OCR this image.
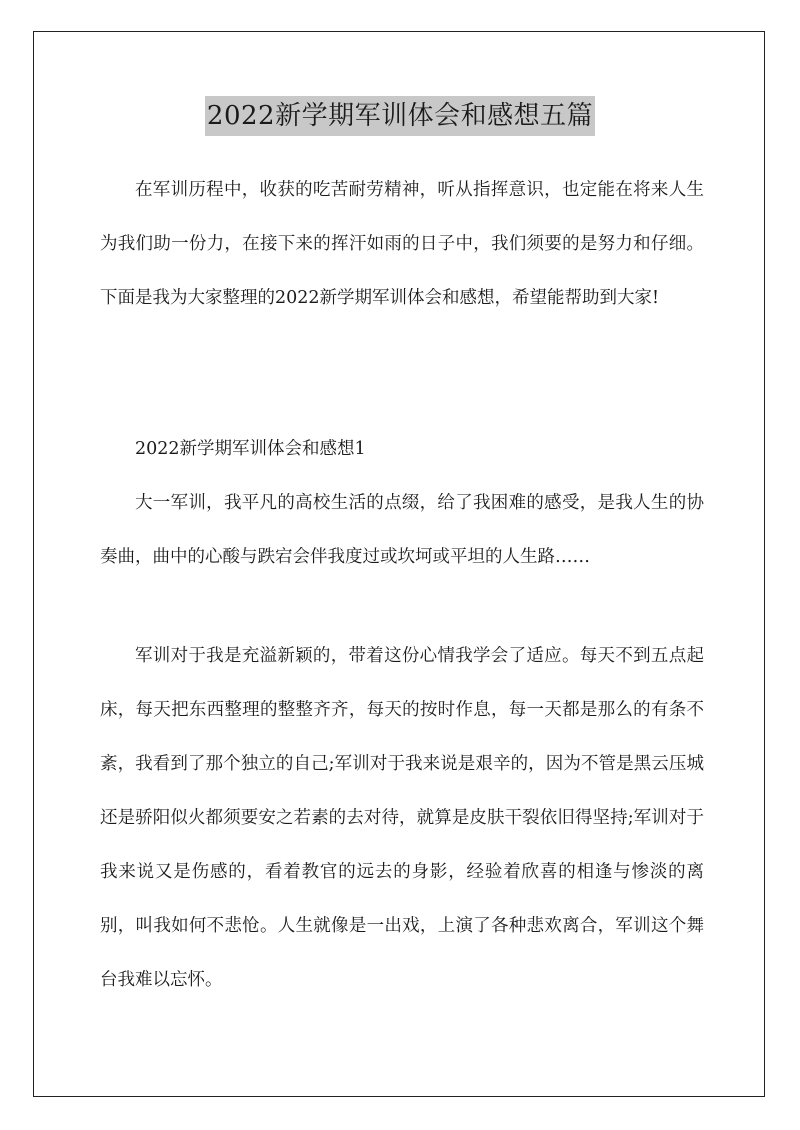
2022新学期军训体会和感想五篇

在军训历程中，收获的吃苦耐劳精神，听从指挥意识，也定能在将来人生为我们助一份力，在接下来的挥汗如雨的日子中，我们须要的是努力和仔细。下面是我为大家整理的2022新学期军训体会和感想，希望能帮助到大家!

2022新学期军训体会和感想1

大一军训，我平凡的高校生活的点缀，给了我困难的感受，是我人生的协奏曲，曲中的心酸与跌宕会伴我度过或坎坷或平坦的人生路……

军训对于我是充溢新颖的，带着这份心情我学会了适应。每天不到五点起床，每天把东西整理的整整齐齐，每天的按时作息，每一天都是那么的有条不紊，我看到了那个独立的自己;军训对于我来说是艰辛的，因为不管是黑云压城还是骄阳似火都须要安之若素的去对待，就算是皮肤干裂依旧得坚持;军训对于我来说又是伤感的，看着教官的远去的身影，经验着欣喜的相逢与惨淡的离别，叫我如何不悲怆。人生就像是一出戏，上演了各种悲欢离合，军训这个舞台我难以忘怀。
